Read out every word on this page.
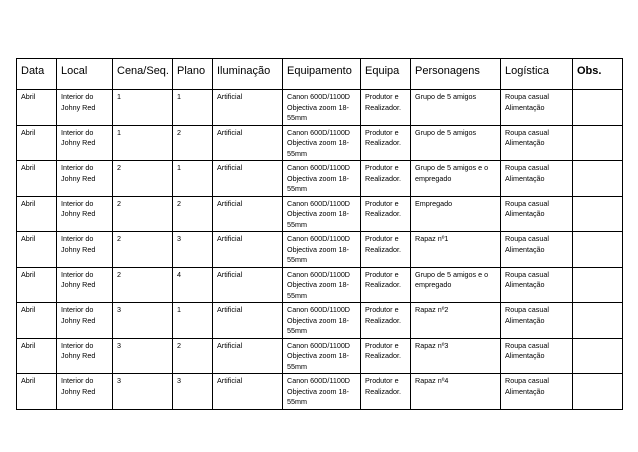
Data	Local	Cena/Seq.	Plano	Iluminação	Equipamento	Equipa	Personagens	Logística	Obs.
Abril	Interior do Johny Red	1	1	Artificial	Canon 600D/1100D Objectiva zoom 18-55mm	Produtor e Realizador.	Grupo de 5 amigos	Roupa casual Alimentação	
Abril	Interior do Johny Red	1	2	Artificial	Canon 600D/1100D Objectiva zoom 18-55mm	Produtor e Realizador.	Grupo de 5 amigos	Roupa casual Alimentação	
Abril	Interior do Johny Red	2	1	Artificial	Canon 600D/1100D Objectiva zoom 18-55mm	Produtor e Realizador.	Grupo de 5 amigos e o empregado	Roupa casual Alimentação	
Abril	Interior do Johny Red	2	2	Artificial	Canon 600D/1100D Objectiva zoom 18-55mm	Produtor e Realizador.	Empregado	Roupa casual Alimentação	
Abril	Interior do Johny Red	2	3	Artificial	Canon 600D/1100D Objectiva zoom 18-55mm	Produtor e Realizador.	Rapaz nº1	Roupa casual Alimentação	
Abril	Interior do Johny Red	2	4	Artificial	Canon 600D/1100D Objectiva zoom 18-55mm	Produtor e Realizador.	Grupo de 5 amigos e o empregado	Roupa casual Alimentação	
Abril	Interior do Johny Red	3	1	Artificial	Canon 600D/1100D Objectiva zoom 18-55mm	Produtor e Realizador.	Rapaz nº2	Roupa casual Alimentação	
Abril	Interior do Johny Red	3	2	Artificial	Canon 600D/1100D Objectiva zoom 18-55mm	Produtor e Realizador.	Rapaz nº3	Roupa casual Alimentação	
Abril	Interior do Johny Red	3	3	Artificial	Canon 600D/1100D Objectiva zoom 18-55mm	Produtor e Realizador.	Rapaz nº4	Roupa casual Alimentação	
